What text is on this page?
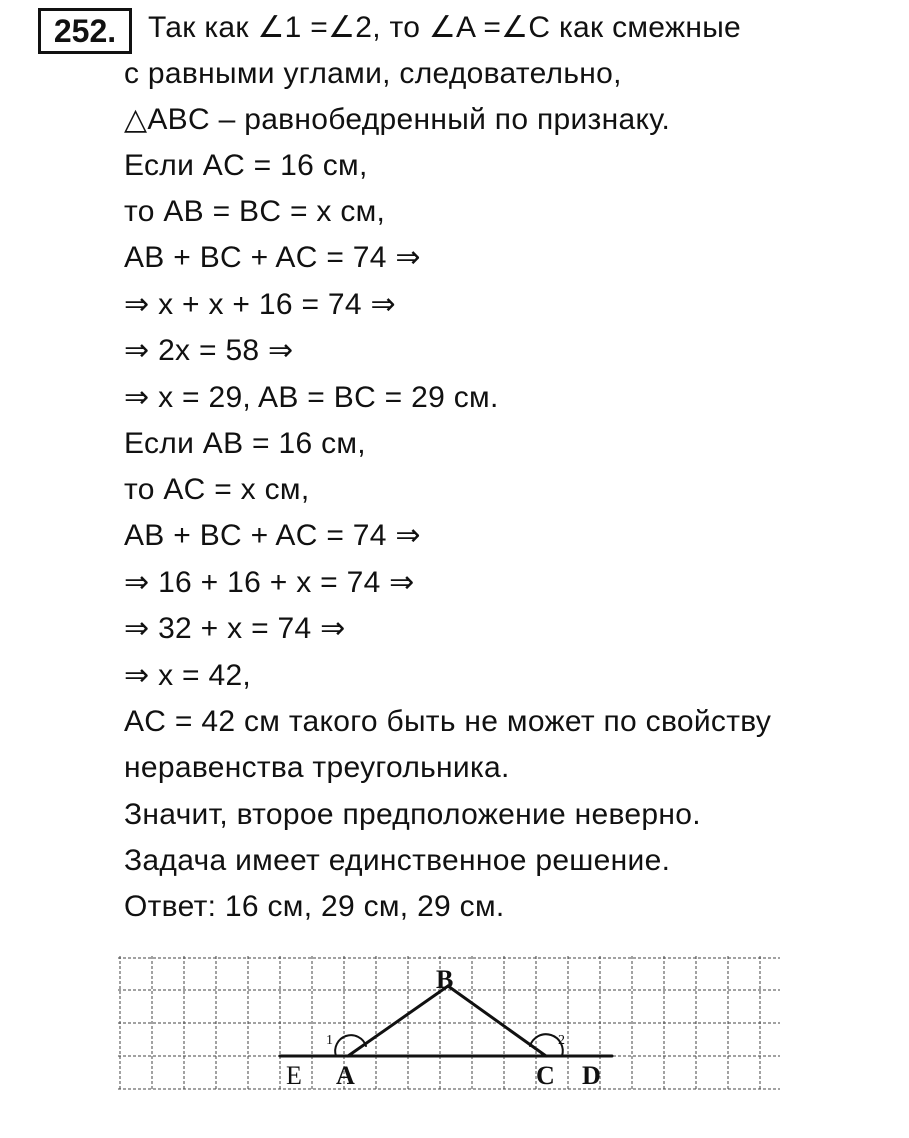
252.	Так как ∠1 =∠2, то ∠A =∠C как смежные
с равными углами, следовательно,
△ABC – равнобедренный по признаку.
Если AC = 16 см,
то AB = BC = x см,
AB + BC + AC = 74 ⇒
⇒ x + x + 16 = 74 ⇒
⇒ 2x = 58 ⇒
⇒ x = 29, AB = BC = 29 см.
Если AB = 16 см,
то AC = x см,
AB + BC + AC = 74 ⇒
⇒ 16 + 16 + x = 74 ⇒
⇒ 32 + x = 74 ⇒
⇒ x = 42,
AC = 42 см такого быть не может по свойству
неравенства треугольника.
Значит, второе предположение неверно.
Задача имеет единственное решение.
Ответ: 16 см, 29 см, 29 см.
B
A	C
E	D
1	2
